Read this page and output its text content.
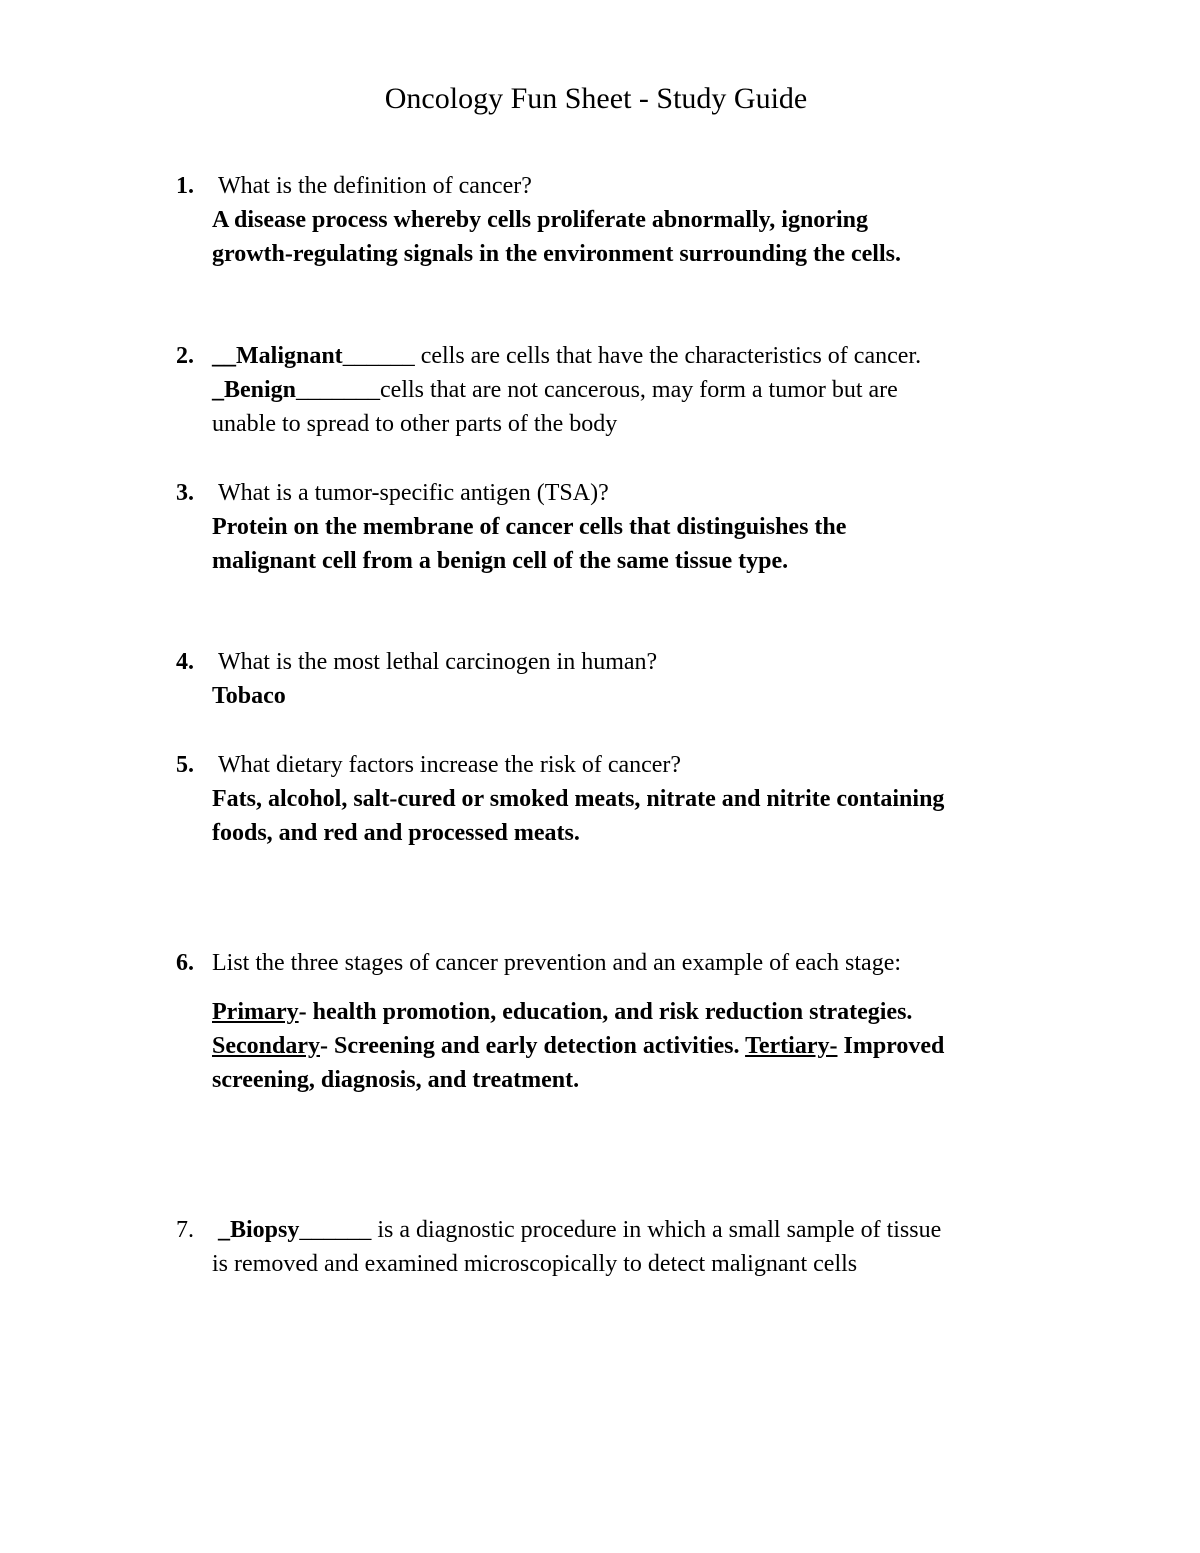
Oncology Fun Sheet - Study Guide
1. What is the definition of cancer?

A disease process whereby cells proliferate abnormally, ignoring

growth-regulating signals in the environment surrounding the cells.

2. __Malignant______ cells are cells that have the characteristics of cancer.

_Benign_______cells that are not cancerous, may form a tumor but are

unable to spread to other parts of the body

3. What is a tumor-specific antigen (TSA)?

Protein on the membrane of cancer cells that distinguishes the

malignant cell from a benign cell of the same tissue type.

4. What is the most lethal carcinogen in human?

Tobaco

5. What dietary factors increase the risk of cancer?

Fats, alcohol, salt-cured or smoked meats, nitrate and nitrite containing

foods, and red and processed meats.

6. List the three stages of cancer prevention and an example of each stage:

Primary- health promotion, education, and risk reduction strategies.

Secondary- Screening and early detection activities. Tertiary- Improved

screening, diagnosis, and treatment.

7. _Biopsy______ is a diagnostic procedure in which a small sample of tissue

is removed and examined microscopically to detect malignant cells
